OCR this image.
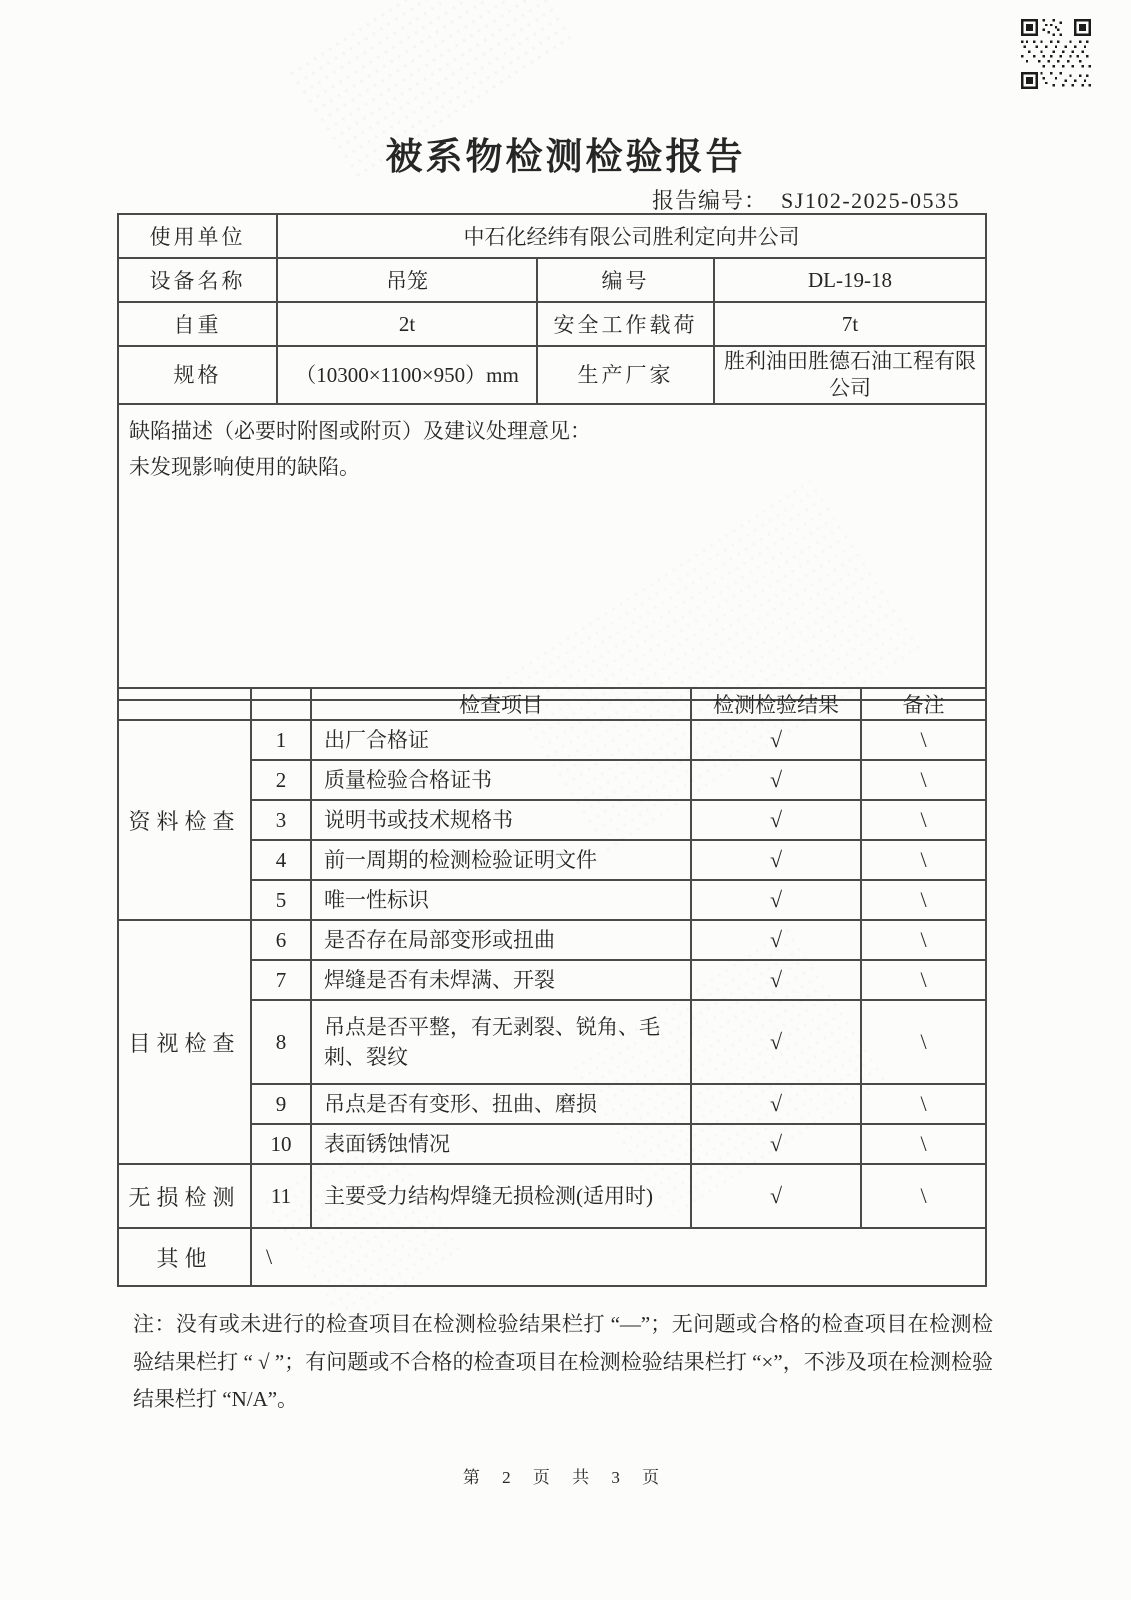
被系物检测检验报告
报告编号： SJ102-2025-0535
使用单位	中石化经纬有限公司胜利定向井公司		
设备名称	吊笼	编号	DL-19-18
自重	2t	安全工作载荷	7t
规格	（10300×1100×950）mm	生产厂家	胜利油田胜德石油工程有限公司

缺陷描述（必要时附图或附页）及建议处理意见：
未发现影响使用的缺陷。			
		检查项目	检测检验结果	备注
资料检查	1	出厂合格证	√	\
	2	质量检验合格证书	√	\
	3	说明书或技术规格书	√	\
	4	前一周期的检测检验证明文件	√	\
	5	唯一性标识	√	\
目视检查	6	是否存在局部变形或扭曲	√	\
	7	焊缝是否有未焊满、开裂	√	\
	8	吊点是否平整，有无剥裂、锐角、毛刺、裂纹	√	\
	9	吊点是否有变形、扭曲、磨损	√	\
	10	表面锈蚀情况	√	\
无损检测	11	主要受力结构焊缝无损检测(适用时)	√	\
其他	\			
注：没有或未进行的检查项目在检测检验结果栏打 “—”；无问题或合格的检查项目在检测检验结果栏打 “ √ ”；有问题或不合格的检查项目在检测检验结果栏打 “×”，不涉及项在检测检验结果栏打 “N/A”。
第 2 页 共 3 页
